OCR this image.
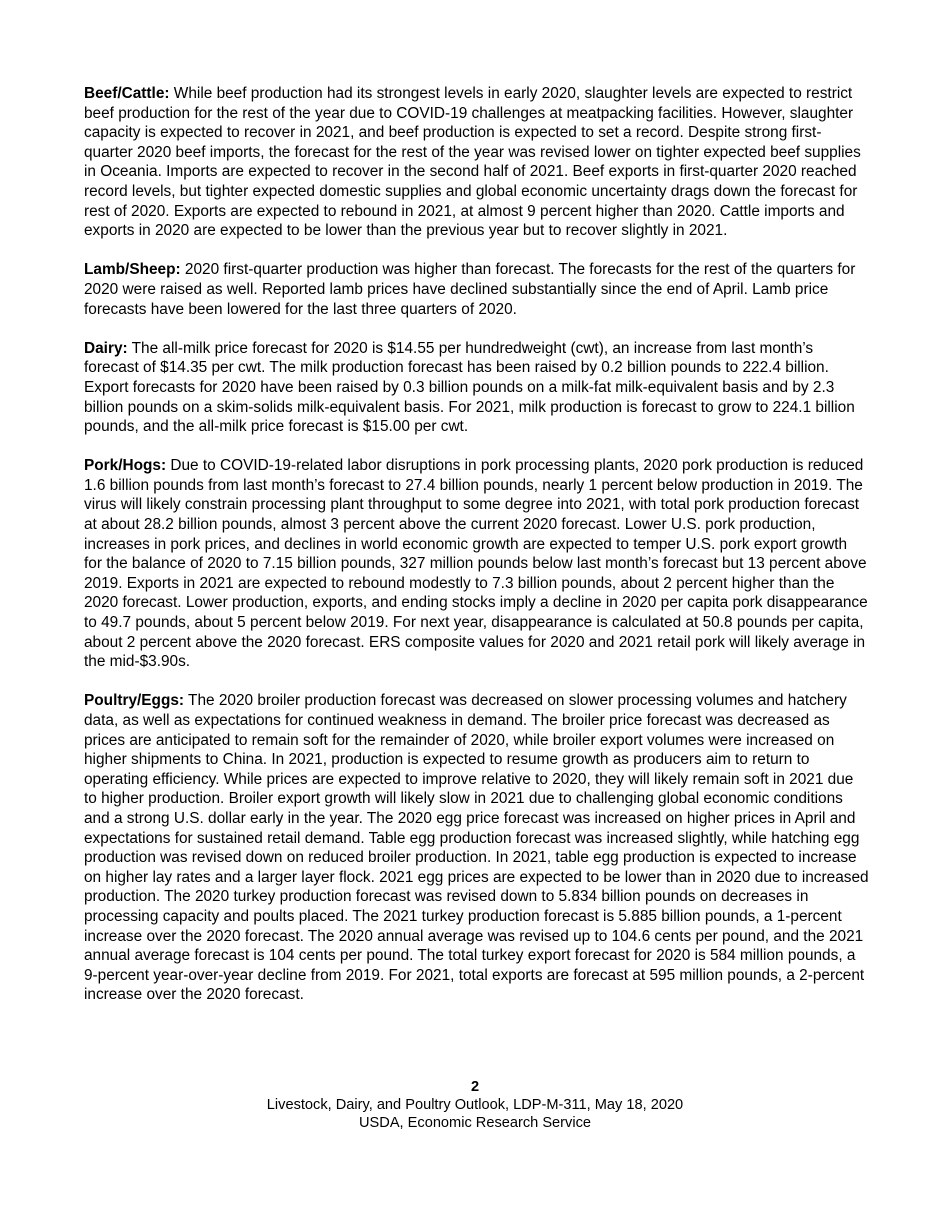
Beef/Cattle: While beef production had its strongest levels in early 2020, slaughter levels are expected to restrict beef production for the rest of the year due to COVID-19 challenges at meatpacking facilities. However, slaughter capacity is expected to recover in 2021, and beef production is expected to set a record. Despite strong first-quarter 2020 beef imports, the forecast for the rest of the year was revised lower on tighter expected beef supplies in Oceania. Imports are expected to recover in the second half of 2021. Beef exports in first-quarter 2020 reached record levels, but tighter expected domestic supplies and global economic uncertainty drags down the forecast for rest of 2020. Exports are expected to rebound in 2021, at almost 9 percent higher than 2020. Cattle imports and exports in 2020 are expected to be lower than the previous year but to recover slightly in 2021.

Lamb/Sheep: 2020 first-quarter production was higher than forecast. The forecasts for the rest of the quarters for 2020 were raised as well. Reported lamb prices have declined substantially since the end of April. Lamb price forecasts have been lowered for the last three quarters of 2020.

Dairy: The all-milk price forecast for 2020 is $14.55 per hundredweight (cwt), an increase from last month’s forecast of $14.35 per cwt. The milk production forecast has been raised by 0.2 billion pounds to 222.4 billion. Export forecasts for 2020 have been raised by 0.3 billion pounds on a milk-fat milk-equivalent basis and by 2.3 billion pounds on a skim-solids milk-equivalent basis. For 2021, milk production is forecast to grow to 224.1 billion pounds, and the all-milk price forecast is $15.00 per cwt.

Pork/Hogs: Due to COVID-19-related labor disruptions in pork processing plants, 2020 pork production is reduced 1.6 billion pounds from last month’s forecast to 27.4 billion pounds, nearly 1 percent below production in 2019. The virus will likely constrain processing plant throughput to some degree into 2021, with total pork production forecast at about 28.2 billion pounds, almost 3 percent above the current 2020 forecast. Lower U.S. pork production, increases in pork prices, and declines in world economic growth are expected to temper U.S. pork export growth for the balance of 2020 to 7.15 billion pounds, 327 million pounds below last month’s forecast but 13 percent above 2019. Exports in 2021 are expected to rebound modestly to 7.3 billion pounds, about 2 percent higher than the 2020 forecast. Lower production, exports, and ending stocks imply a decline in 2020 per capita pork disappearance to 49.7 pounds, about 5 percent below 2019. For next year, disappearance is calculated at 50.8 pounds per capita, about 2 percent above the 2020 forecast. ERS composite values for 2020 and 2021 retail pork will likely average in the mid-$3.90s.

Poultry/Eggs: The 2020 broiler production forecast was decreased on slower processing volumes and hatchery data, as well as expectations for continued weakness in demand. The broiler price forecast was decreased as prices are anticipated to remain soft for the remainder of 2020, while broiler export volumes were increased on higher shipments to China. In 2021, production is expected to resume growth as producers aim to return to operating efficiency. While prices are expected to improve relative to 2020, they will likely remain soft in 2021 due to higher production. Broiler export growth will likely slow in 2021 due to challenging global economic conditions and a strong U.S. dollar early in the year. The 2020 egg price forecast was increased on higher prices in April and expectations for sustained retail demand. Table egg production forecast was increased slightly, while hatching egg production was revised down on reduced broiler production. In 2021, table egg production is expected to increase on higher lay rates and a larger layer flock. 2021 egg prices are expected to be lower than in 2020 due to increased production. The 2020 turkey production forecast was revised down to 5.834 billion pounds on decreases in processing capacity and poults placed. The 2021 turkey production forecast is 5.885 billion pounds, a 1-percent increase over the 2020 forecast. The 2020 annual average was revised up to 104.6 cents per pound, and the 2021 annual average forecast is 104 cents per pound. The total turkey export forecast for 2020 is 584 million pounds, a 9-percent year-over-year decline from 2019. For 2021, total exports are forecast at 595 million pounds, a 2-percent increase over the 2020 forecast.

2
Livestock, Dairy, and Poultry Outlook, LDP-M-311, May 18, 2020
USDA, Economic Research Service
